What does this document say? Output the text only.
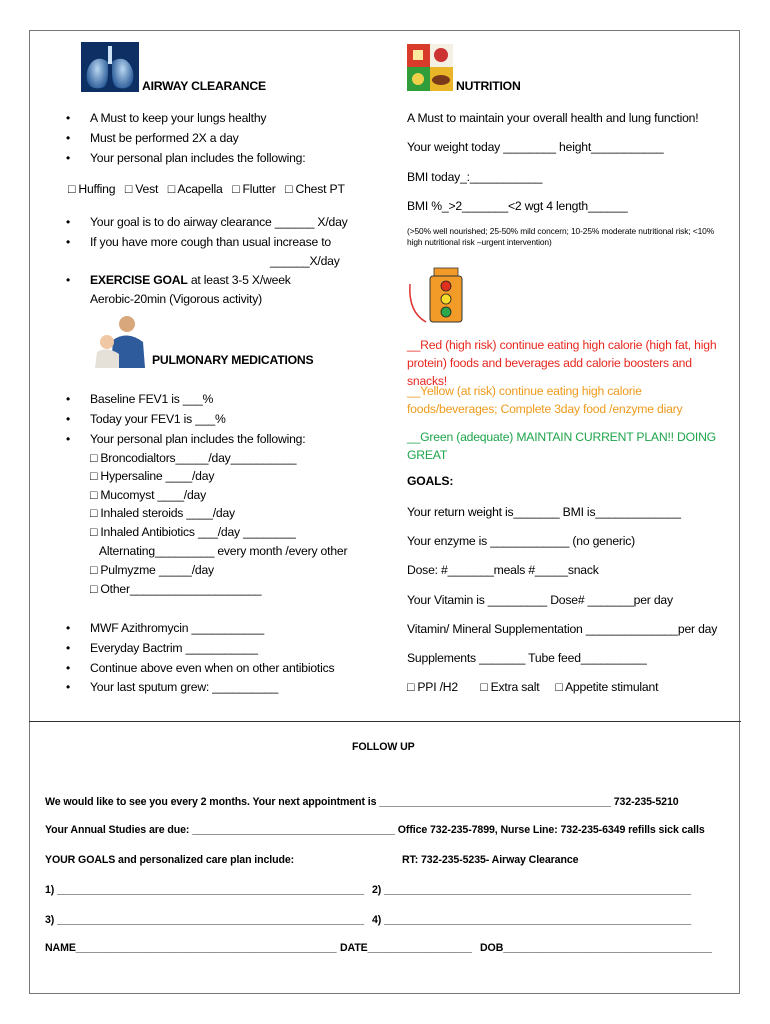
AIRWAY CLEARANCE
• A Must to keep your lungs healthy
• Must be performed 2X a day
• Your personal plan includes the following:
□ Huffing   □ Vest   □ Acapella   □ Flutter   □ Chest PT
• Your goal is to do airway clearance ______ X/day
• If you have more cough than usual increase to
______X/day
• EXERCISE GOAL at least 3-5 X/week
Aerobic-20min (Vigorous activity)
PULMONARY MEDICATIONS
• Baseline FEV1 is ___%
• Today your FEV1 is ___%
• Your personal plan includes the following:
□ Broncodialtors_____/day__________
□ Hypersaline ____/day
□ Mucomyst ____/day
□ Inhaled steroids ____/day
□ Inhaled Antibiotics ___/day ________
Alternating_________ every month /every other
□ Pulmyzme _____/day
□ Other____________________
• MWF Azithromycin ___________
• Everyday Bactrim ___________
• Continue above even when on other antibiotics
• Your last sputum grew: __________
NUTRITION
A Must to maintain your overall health and lung function!
Your weight today ________ height___________
BMI today_:___________
BMI %_>2_______<2 wgt 4 length______
(>50% well nourished; 25-50% mild concern; 10-25% moderate nutritional risk; <10% high nutritional risk –urgent intervention)
__Red (high risk) continue eating high calorie (high fat, high protein) foods and beverages add calorie boosters and snacks!
__Yellow (at risk) continue eating high calorie foods/beverages; Complete 3day food /enzyme diary
__Green (adequate) MAINTAIN CURRENT PLAN!! DOING GREAT
GOALS:
Your return weight is_______ BMI is_____________
Your enzyme is ____________ (no generic)
Dose: #_______meals #_____snack
Your Vitamin is _________ Dose# _______per day
Vitamin/ Mineral Supplementation ______________per day
Supplements _______ Tube feed__________
□ PPI /H2       □ Extra salt     □ Appetite stimulant
FOLLOW UP
We would like to see you every 2 months. Your next appointment is ________________________________________ 732-235-5210
Your Annual Studies are due: ___________________________________ Office 732-235-7899, Nurse Line: 732-235-6349 refills sick calls
YOUR GOALS and personalized care plan include:	RT: 732-235-5235- Airway Clearance
1) _____________________________________________________ 2) _____________________________________________________
3) _____________________________________________________ 4) _____________________________________________________
NAME_____________________________________________ DATE__________________ DOB____________________________________
